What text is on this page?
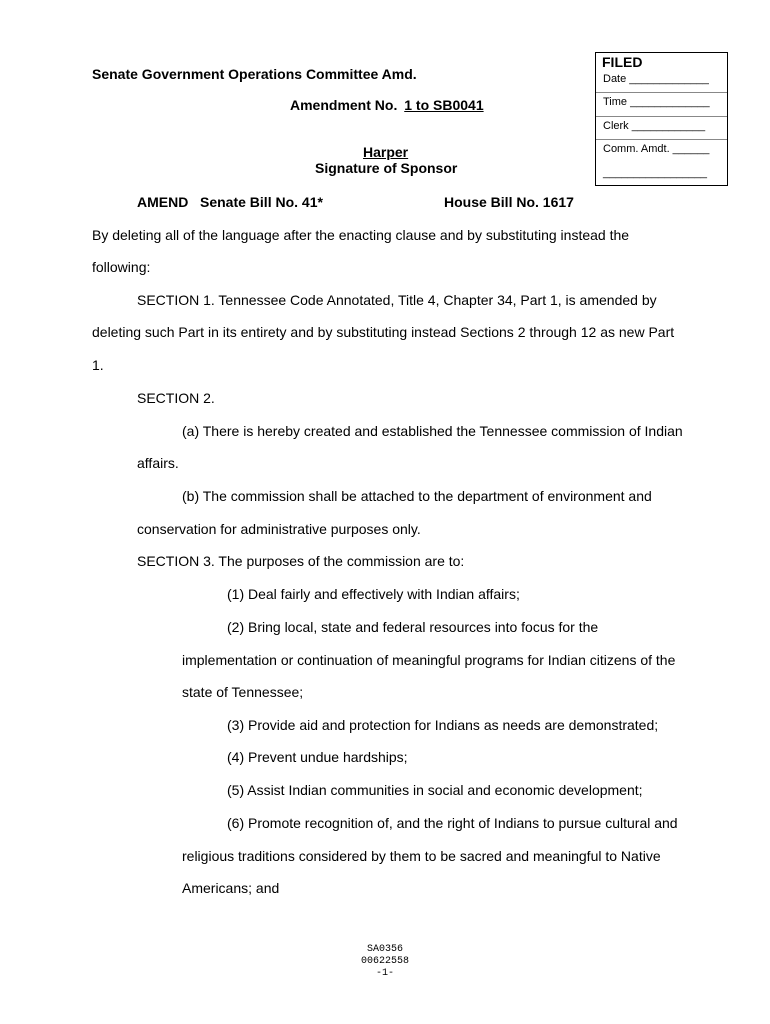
Senate Government Operations Committee Amd.
Amendment No. 1 to SB0041
Harper
Signature of Sponsor
AMEND Senate Bill No. 41*	House Bill No. 1617
FILED
Date _____________
Time _____________
Clerk ____________
Comm. Amdt. ______
_________________
By deleting all of the language after the enacting clause and by substituting instead the
following:
SECTION 1. Tennessee Code Annotated, Title 4, Chapter 34, Part 1, is amended by
deleting such Part in its entirety and by substituting instead Sections 2 through 12 as new Part
1.
SECTION 2.
(a) There is hereby created and established the Tennessee commission of Indian
affairs.
(b) The commission shall be attached to the department of environment and
conservation for administrative purposes only.
SECTION 3. The purposes of the commission are to:
(1) Deal fairly and effectively with Indian affairs;
(2) Bring local, state and federal resources into focus for the
implementation or continuation of meaningful programs for Indian citizens of the
state of Tennessee;
(3) Provide aid and protection for Indians as needs are demonstrated;
(4) Prevent undue hardships;
(5) Assist Indian communities in social and economic development;
(6) Promote recognition of, and the right of Indians to pursue cultural and
religious traditions considered by them to be sacred and meaningful to Native
Americans; and
SA0356
00622558
-1-
